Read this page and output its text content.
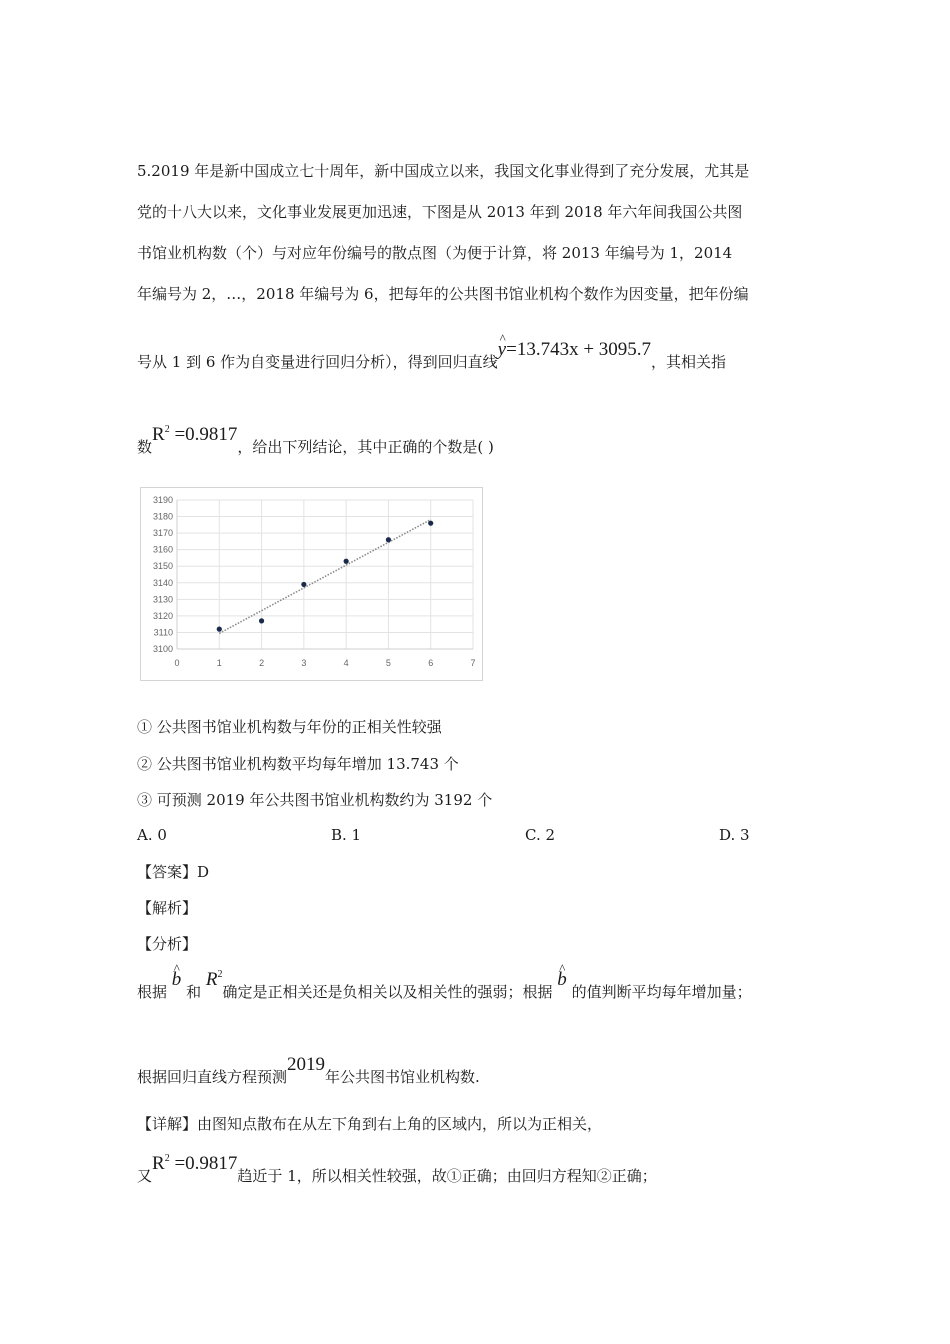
5.2019 年是新中国成立七十周年，新中国成立以来，我国文化事业得到了充分发展，尤其是
党的十八大以来，文化事业发展更加迅速，下图是从 2013 年到 2018 年六年间我国公共图
书馆业机构数（个）与对应年份编号的散点图（为便于计算，将 2013 年编号为 1，2014
年编号为 2，…，2018 年编号为 6，把每年的公共图书馆业机构个数作为因变量，把年份编
号从 1 到 6 作为自变量进行回归分析），得到回归直线^ y=13.743x + 3095.7，其相关指
数$R^2 =0.9817$，给出下列结论，其中正确的个数是( )
3100
3110
3120
3130
3140
3150
3160
3170
3180
3190
0	1	2	3	4	5	6	7
① 公共图书馆业机构数与年份的正相关性较强
② 公共图书馆业机构数平均每年增加 13.743 个
③ 可预测 2019 年公共图书馆业机构数约为 3192 个
A. 0	B. 1	C. 2	D. 3
【答案】D
【解析】
【分析】
根据 ^ b 和 $R^2$确定是正相关还是负相关以及相关性的强弱；根据 ^ b 的值判断平均每年增加量；
根据回归直线方程预测2019年公共图书馆业机构数.
【详解】由图知点散布在从左下角到右上角的区域内，所以为正相关，
又$R^2 =0.9817$趋近于 1，所以相关性较强，故①正确；由回归方程知②正确；
